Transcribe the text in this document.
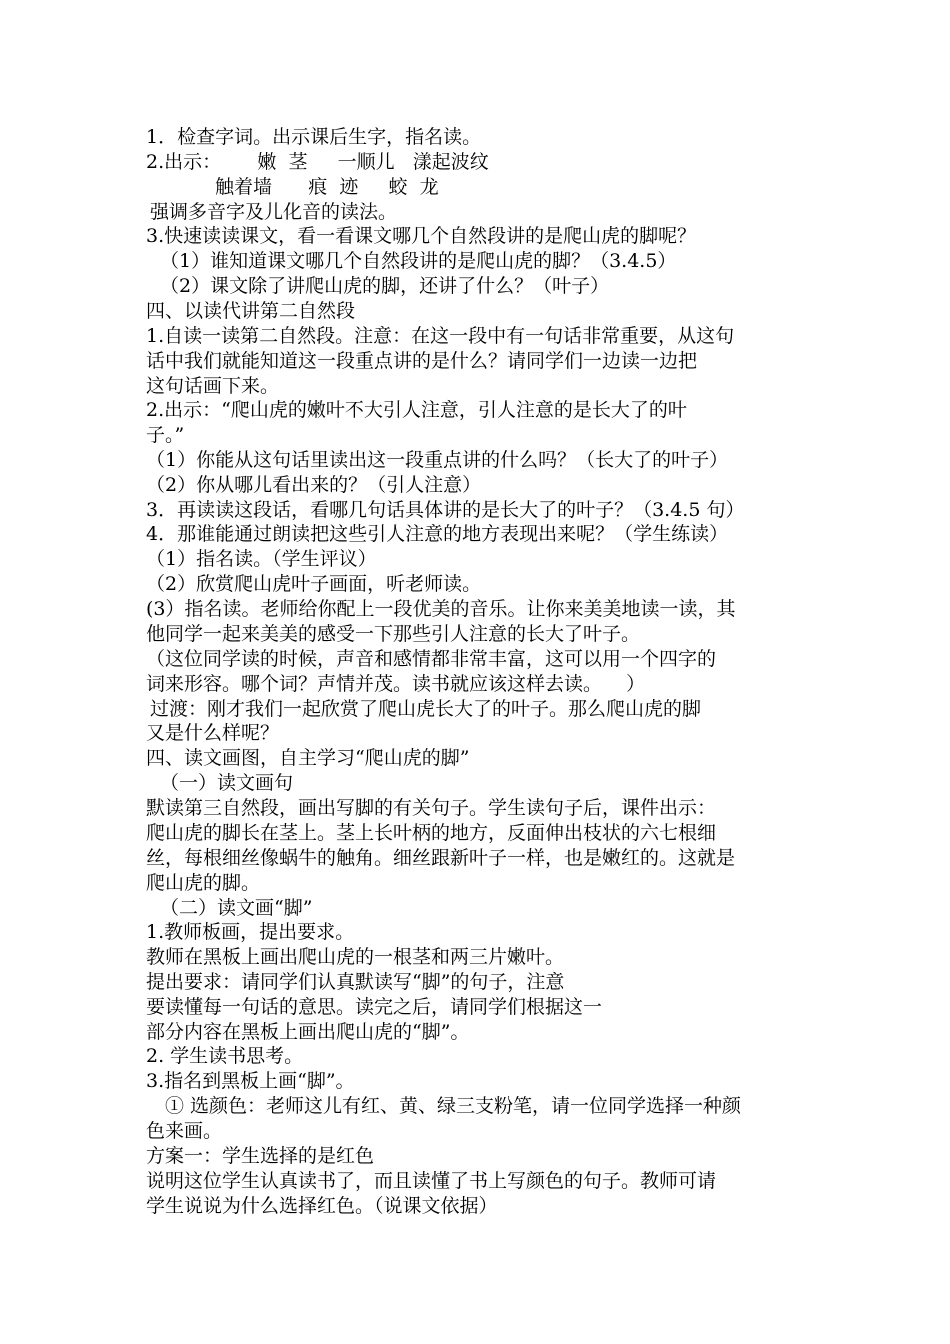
1．检查字词。出示课后生字，指名读。
2.出示：      嫩  茎     一顺儿   漾起波纹
触着墙      痕  迹     蛟  龙
强调多音字及儿化音的读法。
3.快速读读课文，看一看课文哪几个自然段讲的是爬山虎的脚呢？
（1）谁知道课文哪几个自然段讲的是爬山虎的脚？（3.4.5）
（2）课文除了讲爬山虎的脚，还讲了什么？（叶子）
四、以读代讲第二自然段
1.自读一读第二自然段。注意：在这一段中有一句话非常重要，从这句
话中我们就能知道这一段重点讲的是什么？请同学们一边读一边把
这句话画下来。
2.出示：“爬山虎的嫩叶不大引人注意，引人注意的是长大了的叶
子。”
（1）你能从这句话里读出这一段重点讲的什么吗？（长大了的叶子）
（2）你从哪儿看出来的？（引人注意）
3．再读读这段话，看哪几句话具体讲的是长大了的叶子？（3.4.5 句）
4．那谁能通过朗读把这些引人注意的地方表现出来呢？（学生练读）
（1）指名读。（学生评议）
（2）欣赏爬山虎叶子画面，听老师读。
(3）指名读。老师给你配上一段优美的音乐。让你来美美地读一读，其
他同学一起来美美的感受一下那些引人注意的长大了叶子。
（这位同学读的时候，声音和感情都非常丰富，这可以用一个四字的
词来形容。哪个词？声情并茂。读书就应该这样去读。    ）
过渡：刚才我们一起欣赏了爬山虎长大了的叶子。那么爬山虎的脚
又是什么样呢？
四、读文画图，自主学习“爬山虎的脚”
（一）读文画句
默读第三自然段，画出写脚的有关句子。学生读句子后，课件出示：
爬山虎的脚长在茎上。茎上长叶柄的地方，反面伸出枝状的六七根细
丝，每根细丝像蜗牛的触角。细丝跟新叶子一样，也是嫩红的。这就是
爬山虎的脚。
（二）读文画“脚”
1.教师板画，提出要求。
教师在黑板上画出爬山虎的一根茎和两三片嫩叶。
提出要求：请同学们认真默读写“脚”的句子，注意
要读懂每一句话的意思。读完之后，请同学们根据这一
部分内容在黑板上画出爬山虎的“脚”。
2. 学生读书思考。
3.指名到黑板上画“脚”。
① 选颜色：老师这儿有红、黄、绿三支粉笔，请一位同学选择一种颜
色来画。
方案一：学生选择的是红色
说明这位学生认真读书了，而且读懂了书上写颜色的句子。教师可请
学生说说为什么选择红色。（说课文依据）
